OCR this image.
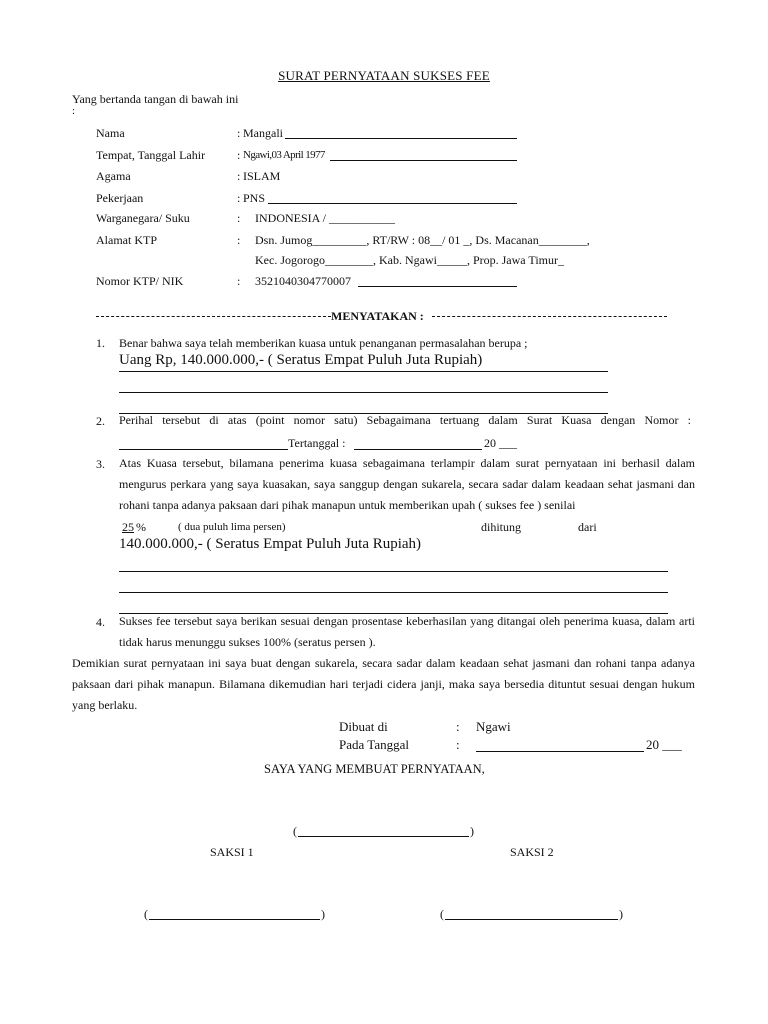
SURAT PERNYATAAN SUKSES FEE
Yang bertanda tangan di bawah ini
:
Nama	: Mangali
Tempat, Tanggal Lahir	: Ngawi,03 April 1977
Agama	: ISLAM
Pekerjaan	: PNS
Warganegara/ Suku	: INDONESIA / ___________
Alamat KTP	: Dsn. Jumog_________, RT/RW : 08__/ 01 _, Ds. Macanan________,
Kec. Jogorogo________, Kab. Ngawi_____, Prop. Jawa Timur_
Nomor KTP/ NIK	: 3521040304770007
MENYATAKAN :
1. Benar bahwa saya telah memberikan kuasa untuk penanganan permasalahan berupa ;
Uang Rp, 140.000.000,- ( Seratus Empat Puluh Juta Rupiah)
2. Perihal tersebut di atas (point nomor satu) Sebagaimana tertuang dalam Surat Kuasa dengan Nomor :
Tertanggal :	20 ___
3. Atas Kuasa tersebut, bilamana penerima kuasa sebagaimana terlampir dalam surat pernyataan ini berhasil dalam mengurus perkara yang saya kuasakan, saya sanggup dengan sukarela, secara sadar dalam keadaan sehat jasmani dan rohani tanpa adanya paksaan dari pihak manapun untuk memberikan upah ( sukses fee ) senilai
25 %	( dua puluh lima persen)	dihitung	dari
140.000.000,- ( Seratus Empat Puluh Juta Rupiah)
4. Sukses fee tersebut saya berikan sesuai dengan prosentase keberhasilan yang ditangai oleh penerima kuasa, dalam arti tidak harus menunggu sukses 100% (seratus persen ).
Demikian surat pernyataan ini saya buat dengan sukarela, secara sadar dalam keadaan sehat jasmani dan rohani tanpa adanya paksaan dari pihak manapun. Bilamana dikemudian hari terjadi cidera janji, maka saya bersedia dituntut sesuai dengan hukum yang berlaku.
Dibuat di	: Ngawi
Pada Tanggal	:	20 ___
SAYA YANG MEMBUAT PERNYATAAN,
(	)
SAKSI 1	SAKSI 2
(	)	(	)
